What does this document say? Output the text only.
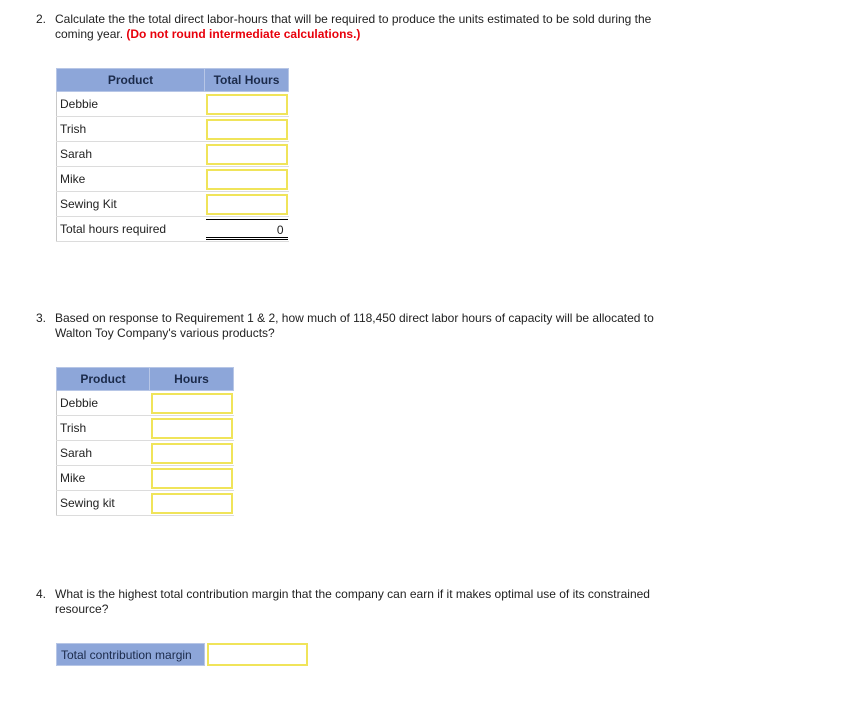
2. Calculate the the total direct labor-hours that will be required to produce the units estimated to be sold during the coming year. (Do not round intermediate calculations.)
Product	Total Hours
Debbie	

Trish	

Sarah	

Mike	

Sewing Kit	

Total hours required	0
3. Based on response to Requirement 1 & 2, how much of 118,450 direct labor hours of capacity will be allocated to Walton Toy Company's various products?
Product	Hours
Debbie	

Trish	

Sarah	

Mike	

Sewing kit	
4. What is the highest total contribution margin that the company can earn if it makes optimal use of its constrained resource?
Total contribution margin
